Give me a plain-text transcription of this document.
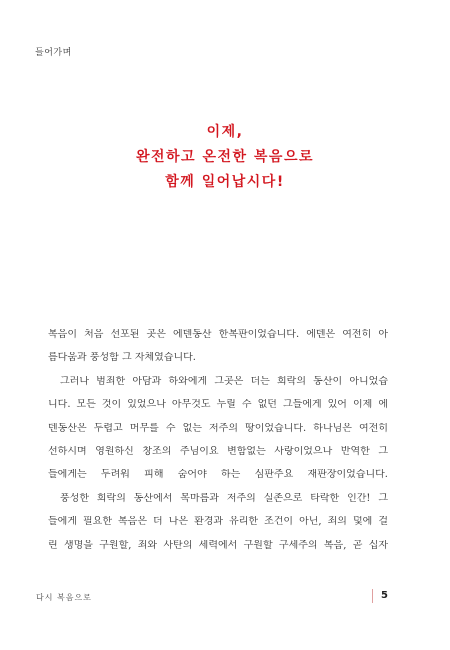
들어가며
이제,
완전하고 온전한 복음으로
함께 일어납시다!
복음이 처음 선포된 곳은 에덴동산 한복판이었습니다. 에덴은 여전히 아
름다움과 풍성함 그 자체였습니다.
그러나 범죄한 아담과 하와에게 그곳은 더는 희락의 동산이 아니었습
니다. 모든 것이 있었으나 아무것도 누릴 수 없던 그들에게 있어 이제 에
덴동산은 두렵고 머무를 수 없는 저주의 땅이었습니다. 하나님은 여전히
선하시며 영원하신 창조의 주님이요 변함없는 사랑이었으나 반역한 그
들에게는 두려워 피해 숨어야 하는 심판주요 재판장이었습니다.
풍성한 희락의 동산에서 목마름과 저주의 실존으로 타락한 인간! 그
들에게 필요한 복음은 더 나은 환경과 유리한 조건이 아닌, 죄의 덫에 걸
린 생명을 구원할, 죄와 사탄의 세력에서 구원할 구세주의 복음, 곧 십자
다시 복음으로	5
